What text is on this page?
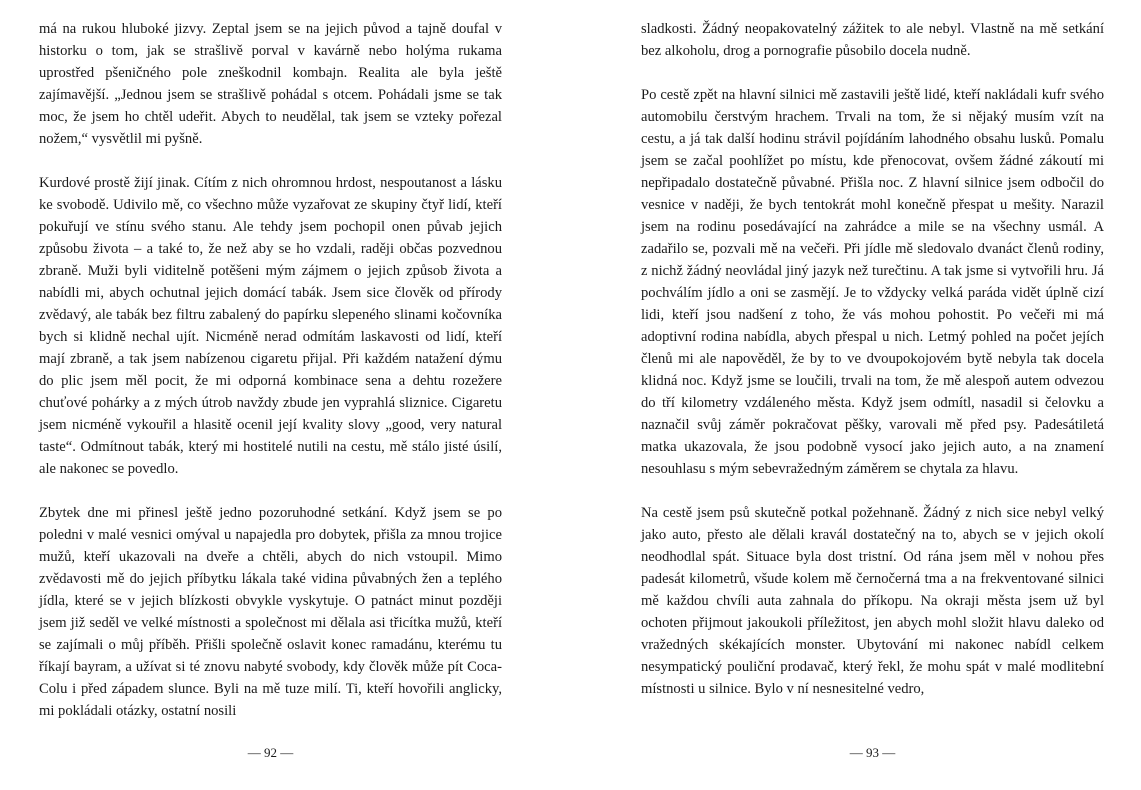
má na rukou hluboké jizvy. Zeptal jsem se na jejich původ a tajně doufal v historku o tom, jak se strašlivě porval v kavárně nebo holýma rukama uprostřed pšeničného pole zneškodnil kombajn. Realita ale byla ještě zajímavější. „Jednou jsem se strašlivě pohádal s otcem. Pohádali jsme se tak moc, že jsem ho chtěl udeřit. Abych to neudělal, tak jsem se vzteky pořezal nožem,“ vysvětlil mi pyšně.

Kurdové prostě žijí jinak. Cítím z nich ohromnou hrdost, nespoutanost a lásku ke svobodě. Udivilo mě, co všechno může vyzařovat ze skupiny čtyř lidí, kteří pokuřují ve stínu svého stanu. Ale tehdy jsem pochopil onen půvab jejich způsobu života – a také to, že než aby se ho vzdali, raději občas pozvednou zbraně. Muži byli viditelně potěšeni mým zájmem o jejich způsob života a nabídli mi, abych ochutnal jejich domácí tabák. Jsem sice člověk od přírody zvědavý, ale tabák bez filtru zabalený do papírku slepeného slinami kočovníka bych si klidně nechal ujít. Nicméně nerad odmítám laskavosti od lidí, kteří mají zbraně, a tak jsem nabízenou cigaretu přijal. Při každém natažení dýmu do plic jsem měl pocit, že mi odporná kombinace sena a dehtu rozežere chuťové pohárky a z mých útrob navždy zbude jen vyprahlá sliznice. Cigaretu jsem nicméně vykouřil a hlasitě ocenil její kvality slovy „good, very natural taste“. Odmítnout tabák, který mi hostitelé nutili na cestu, mě stálo jisté úsilí, ale nakonec se povedlo.

Zbytek dne mi přinesl ještě jedno pozoruhodné setkání. Když jsem se po poledni v malé vesnici omýval u napajedla pro dobytek, přišla za mnou trojice mužů, kteří ukazovali na dveře a chtěli, abych do nich vstoupil. Mimo zvědavosti mě do jejich příbytku lákala také vidina půvabných žen a teplého jídla, které se v jejich blízkosti obvykle vyskytuje. O patnáct minut později jsem již seděl ve velké místnosti a společnost mi dělala asi třicítka mužů, kteří se zajímali o můj příběh. Přišli společně oslavit konec ramadánu, kterému tu říkají bayram, a užívat si té znovu nabyté svobody, kdy člověk může pít Coca-Colu i před západem slunce. Byli na mě tuze milí. Ti, kteří hovořili anglicky, mi pokládali otázky, ostatní nosili

— 92 —

sladkosti. Žádný neopakovatelný zážitek to ale nebyl. Vlastně na mě setkání bez alkoholu, drog a pornografie působilo docela nudně.

Po cestě zpět na hlavní silnici mě zastavili ještě lidé, kteří nakládali kufr svého automobilu čerstvým hrachem. Trvali na tom, že si nějaký musím vzít na cestu, a já tak další hodinu strávil pojídáním lahodného obsahu lusků. Pomalu jsem se začal poohlížet po místu, kde přenocovat, ovšem žádné zákoutí mi nepřipadalo dostatečně půvabné. Přišla noc. Z hlavní silnice jsem odbočil do vesnice v naději, že bych tentokrát mohl konečně přespat u mešity. Narazil jsem na rodinu posedávající na zahrádce a mile se na všechny usmál. A zadařilo se, pozvali mě na večeři. Při jídle mě sledovalo dvanáct členů rodiny, z nichž žádný neovládal jiný jazyk než turečtinu. A tak jsme si vytvořili hru. Já pochválím jídlo a oni se zasmějí. Je to vždycky velká paráda vidět úplně cizí lidi, kteří jsou nadšení z toho, že vás mohou pohostit. Po večeři mi má adoptivní rodina nabídla, abych přespal u nich. Letmý pohled na počet jejích členů mi ale napověděl, že by to ve dvoupokojovém bytě nebyla tak docela klidná noc. Když jsme se loučili, trvali na tom, že mě alespoň autem odvezou do tří kilometry vzdáleného města. Když jsem odmítl, nasadil si čelovku a naznačil svůj záměr pokračovat pěšky, varovali mě před psy. Padesátiletá matka ukazovala, že jsou podobně vysocí jako jejich auto, a na znamení nesouhlasu s mým sebevražedným záměrem se chytala za hlavu.

Na cestě jsem psů skutečně potkal požehnaně. Žádný z nich sice nebyl velký jako auto, přesto ale dělali kravál dostatečný na to, abych se v jejich okolí neodhodlal spát. Situace byla dost tristní. Od rána jsem měl v nohou přes padesát kilometrů, všude kolem mě černočerná tma a na frekventované silnici mě každou chvíli auta zahnala do příkopu. Na okraji města jsem už byl ochoten přijmout jakoukoli příležitost, jen abych mohl složit hlavu daleko od vražedných skékajících monster. Ubytování mi nakonec nabídl celkem nesympatický pouliční prodavač, který řekl, že mohu spát v malé modlitební místnosti u silnice. Bylo v ní nesnesitelné vedro,

— 93 —
